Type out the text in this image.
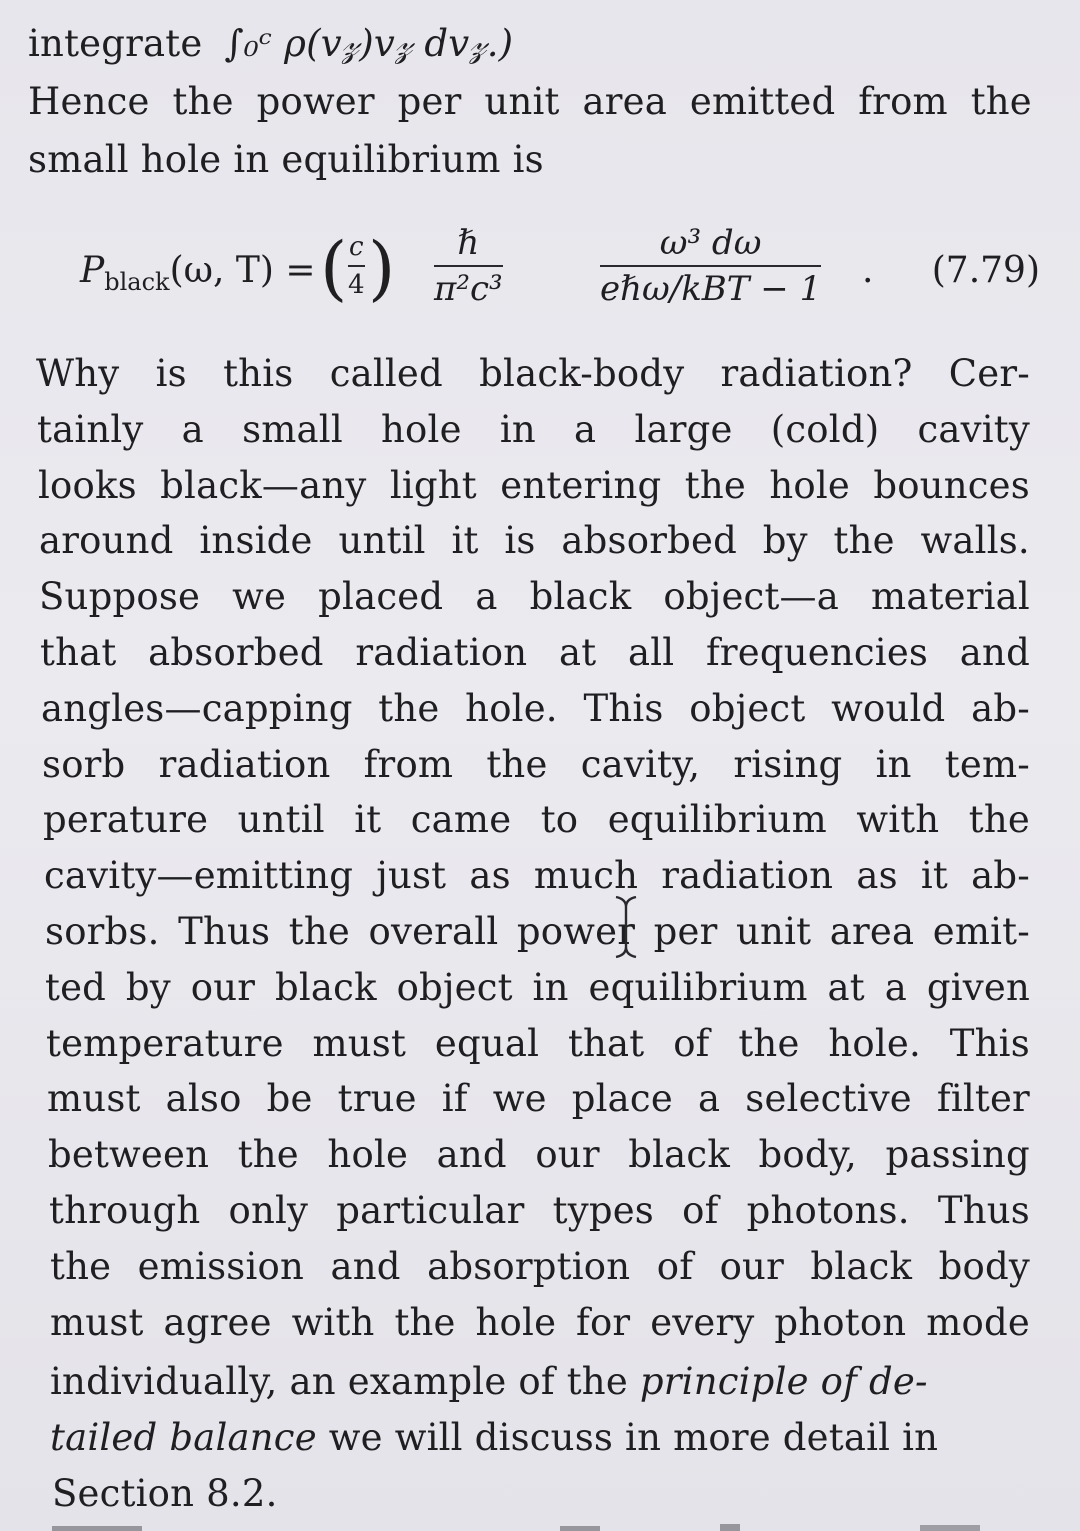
integrate ∫₀ᶜ ρ(v𝓏)v𝓏 dv𝓏.)
Hence the power per unit area emitted from the
small hole in equilibrium is
$P_{black}(\omega$, T) = ( c
4 ) ℏ
π²c³
ω³ dω
eℏω/kBT − 1 . (7.79)
Why is this called black-body radiation? Cer-
tainly a small hole in a large (cold) cavity
looks black—any light entering the hole bounces
around inside until it is absorbed by the walls.
Suppose we placed a black object—a material
that absorbed radiation at all frequencies and
angles—capping the hole. This object would ab-
sorb radiation from the cavity, rising in tem-
perature until it came to equilibrium with the
cavity—emitting just as much radiation as it ab-
sorbs. Thus the overall power per unit area emit-
ted by our black object in equilibrium at a given
temperature must equal that of the hole. This
must also be true if we place a selective filter
between the hole and our black body, passing
through only particular types of photons. Thus
the emission and absorption of our black body
must agree with the hole for every photon mode
individually, an example of the principle of de-
tailed balance we will discuss in more detail in
Section 8.2.
